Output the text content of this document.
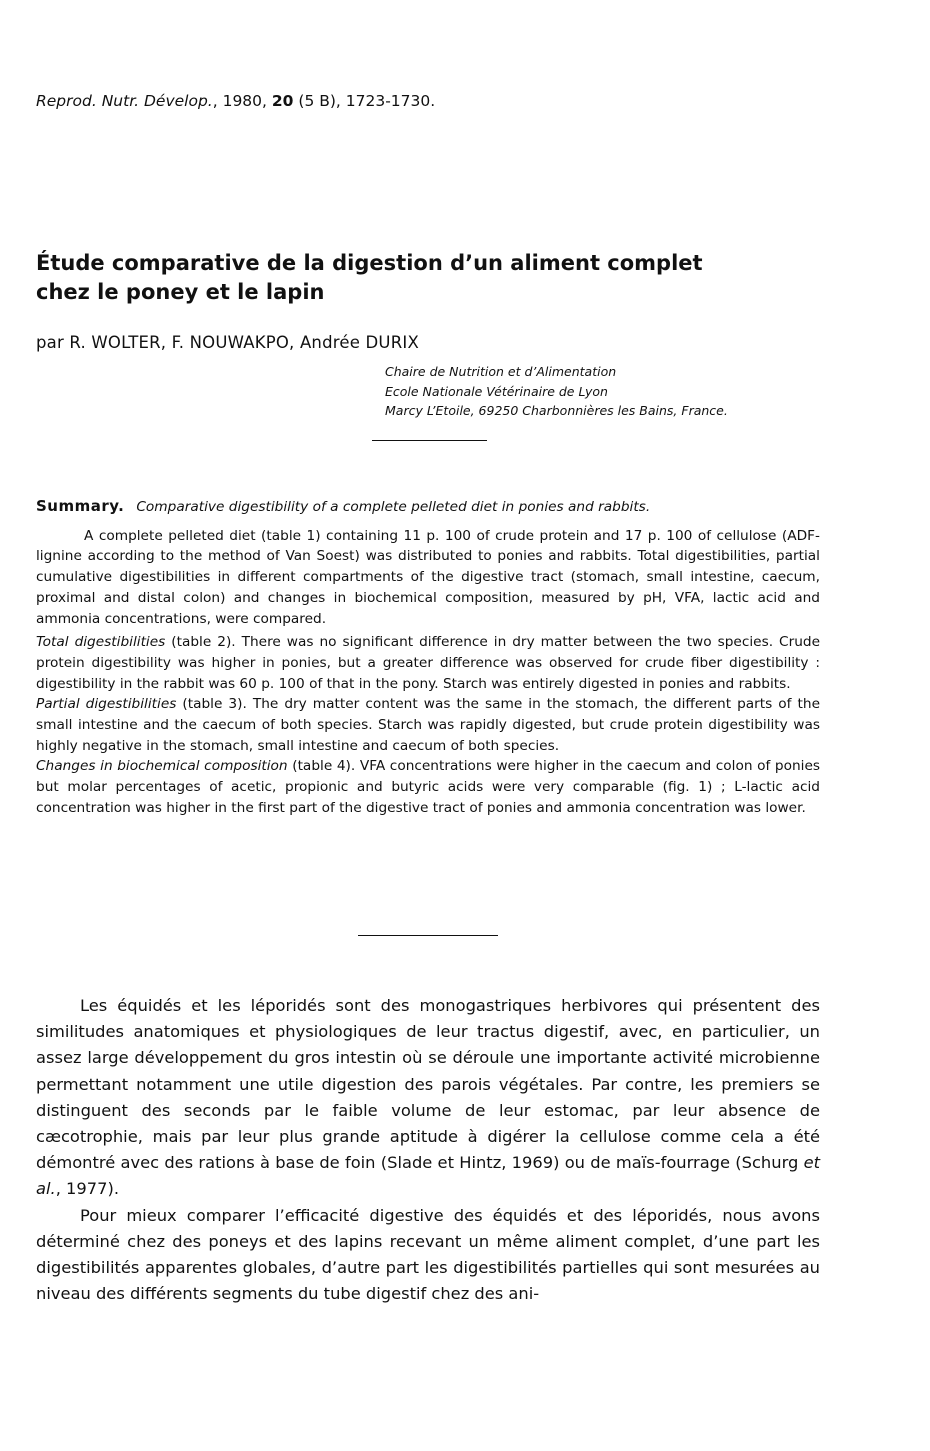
Reprod. Nutr. Dévelop., 1980, 20 (5 B), 1723-1730.
Étude comparative de la digestion d’un aliment complet
chez le poney et le lapin
par R. WOLTER, F. NOUWAKPO, Andrée DURIX
Chaire de Nutrition et d’Alimentation
Ecole Nationale Vétérinaire de Lyon
Marcy L’Etoile, 69250 Charbonnières les Bains, France.

Summary. Comparative digestibility of a complete pelleted diet in ponies and rabbits.

A complete pelleted diet (table 1) containing 11 p. 100 of crude protein and 17 p. 100 of cellulose (ADF-lignine according to the method of Van Soest) was distributed to ponies and rabbits. Total digestibilities, partial cumulative digestibilities in different compartments of the digestive tract (stomach, small intestine, caecum, proximal and distal colon) and changes in biochemical composition, measured by pH, VFA, lactic acid and ammonia concentrations, were compared.

Total digestibilities (table 2). There was no significant difference in dry matter between the two species. Crude protein digestibility was higher in ponies, but a greater difference was observed for crude fiber digestibility : digestibility in the rabbit was 60 p. 100 of that in the pony. Starch was entirely digested in ponies and rabbits.

Partial digestibilities (table 3). The dry matter content was the same in the stomach, the different parts of the small intestine and the caecum of both species. Starch was rapidly digested, but crude protein digestibility was highly negative in the stomach, small intestine and caecum of both species.

Changes in biochemical composition (table 4). VFA concentrations were higher in the caecum and colon of ponies but molar percentages of acetic, propionic and butyric acids were very comparable (fig. 1) ; L-lactic acid concentration was higher in the first part of the digestive tract of ponies and ammonia concentration was lower.

Les équidés et les léporidés sont des monogastriques herbivores qui présentent des similitudes anatomiques et physiologiques de leur tractus digestif, avec, en particulier, un assez large développement du gros intestin où se déroule une importante activité microbienne permettant notamment une utile digestion des parois végétales. Par contre, les premiers se distinguent des seconds par le faible volume de leur estomac, par leur absence de cæcotrophie, mais par leur plus grande aptitude à digérer la cellulose comme cela a été démontré avec des rations à base de foin (Slade et Hintz, 1969) ou de maïs-fourrage (Schurg et al., 1977).

Pour mieux comparer l’efficacité digestive des équidés et des léporidés, nous avons déterminé chez des poneys et des lapins recevant un même aliment complet, d’une part les digestibilités apparentes globales, d’autre part les digestibilités partielles qui sont mesurées au niveau des différents segments du tube digestif chez des ani-
